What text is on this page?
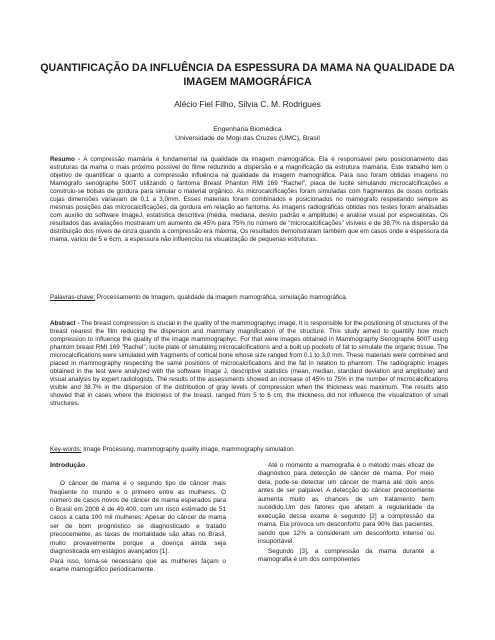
QUANTIFICAÇÃO DA INFLUÊNCIA DA ESPESSURA DA MAMA NA QUALIDADE DA IMAGEM MAMOGRÁFICA
Alécio Fiel Filho, Silvia C. M. Rodrigues
Engenharia Biomédica
Universidade de Mogi das Cruzes (UMC), Brasil
Resumo - A compressão mamária é fundamental na qualidade da imagem mamográfica. Ela é responsável pelo posicionamento das estruturas da mama o mais próximo possível do filme reduzindo a dispersão e a magnificação da estrutura mamária. Este trabalho tem o objetivo de quantificar o quanto a compressão influência na qualidade da imagem mamográfica. Para isso foram obtidas imagens no Mamógrafo senographe 500T utilizando o fantoma Breast Phanton RMI 169 “Rachel”, placa de lucite simulando microcalcificações e construiu-se bolsas de gordura para simular o material orgânico. As microcalcificações foram simuladas com fragmentos de ossos corticais cujas dimensões variavam de 0,1 a 3,0mm. Esses materiais foram combinados e posicionados no mamógrafo respeitando sempre as mesmas posições das microcalcificações, da gordura em relação ao fantoma. As imagens radiográficas obtidas nos testes foram analisadas com auxílio do software ImageJ, estatística descritiva (média, mediana, desvio padrão e amplitude) e análise visual por especialistas. Os resultados das avaliações mostraram um aumento de 45% para 75% no número de “microcalcificações” visíveis e de 38,7% na dispersão da distribuição dos níveis de cinza quando a compressão era máxima. Os resultados demonstraram também que em casos onde a espessura da mama, variou de 5 e 6cm, a espessura não influenciou na visualização de pequenas estruturas.
Palavras-chave: Processamento de Imagem, qualidade da imagem mamográfica, simulação mamográfica.
Abstract - The breast compression is crucial in the quality of the mammographyc image. It is responsible for the positioning of structures of the breast nearest the film reducing the dispersion and mammary magnification of the structure. This study aimed to quantify how much compression to influence the quality of the image mammographyc. For that were images obtained in Mammography Senographe 500T using phantom breast RMI 169 "Rachel", lucite plate of simulating microcalcifications and a built up pockets of fat to simulate the organic tissue. The microcalcifications were simulated with fragments of cortical bone whose size ranged from 0.1 to 3.0 mm. These materials were combined and placed in mammography respecting the same positions of microcalcifications and the fat in relation to phantom. The radiographic images obtained in the test were analyzed with the software Image J, descriptive statistics (mean, median, standard deviation and amplitude) and visual analysis by expert radiologists. The results of the assessments showed an increase of 45% to 75% in the number of microcalcifications visible and 38.7% in the dispersion of the distribution of gray levels of compression when the thickness was maximum. The results also showed that in cases where the thickness of the breast, ranged from 5 to 6 cm, the thickness did not influence the visualization of small structures.
Key-words: Image Processing, mammography quality image, mammography simulation
Introdução

O câncer de mama é o segundo tipo de câncer mais freqüente no mundo e o primeiro entre as mulheres. O número de casos novos de câncer de mama esperados para o Brasil em 2008 é de 49.400, com um risco estimado de 51 casos a cada 100 mil mulheres. Apesar do câncer de mama ser de bom prognóstico se diagnosticado e tratado precocemente, as taxas de mortalidade são altas no Brasil, muito provavelmente porque a doença ainda seja diagnosticada em estágios avançados [1].

Para isso, torna-se necessário que as mulheres façam o exame mamográfico periodicamente.

Até o momento a mamografia é o método mais eficaz de diagnóstico para detecção de câncer de mama. Por meio dela, pode-se detectar um câncer de mama até dois anos antes de ser palpável. A detecção do câncer precocemente aumenta muito as chances de um tratamento bem sucedido.Um dos fatores que afetam a regularidade da execução desse exame é segundo [2] a compressão da mama. Ela provoca um desconforto para 90% das pacientes, sendo que 12% a consideram um desconforto intenso ou insuportável.

Segundo [3], a compressão da mama durante a mamografia é um dos componentes
